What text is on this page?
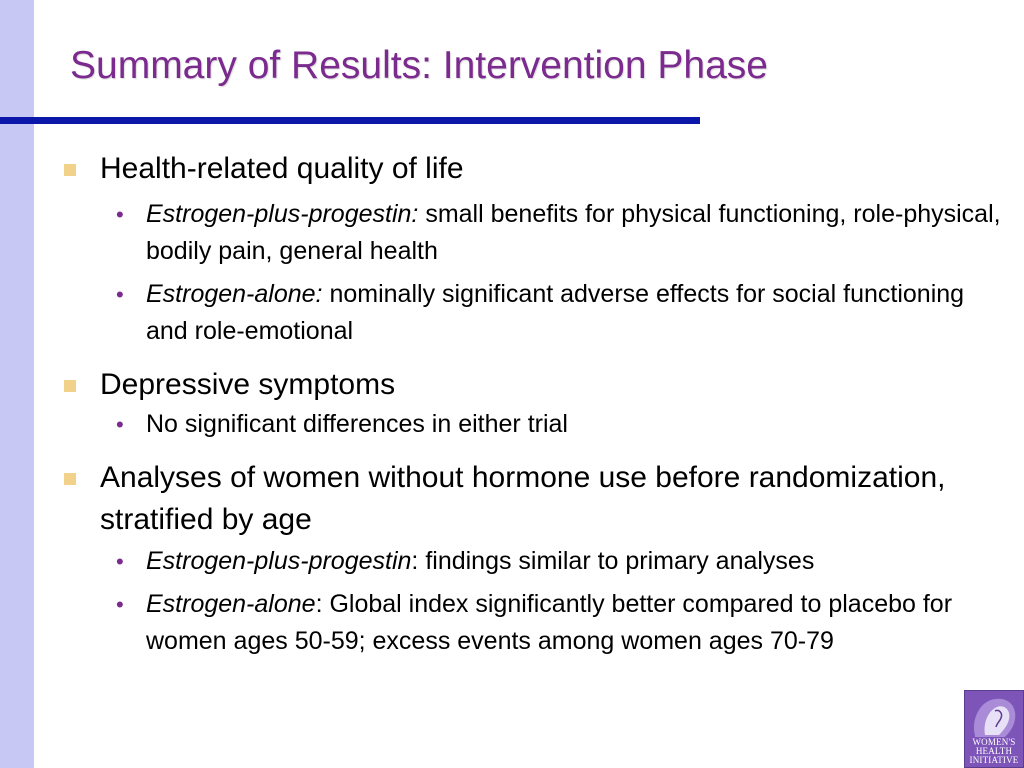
Summary of Results: Intervention Phase
Health-related quality of life
• Estrogen-plus-progestin: small benefits for physical functioning, role-physical, bodily pain, general health
• Estrogen-alone: nominally significant adverse effects for social functioning and role-emotional
Depressive symptoms
• No significant differences in either trial
Analyses of women without hormone use before randomization, stratified by age
• Estrogen-plus-progestin: findings similar to primary analyses
• Estrogen-alone: Global index significantly better compared to placebo for women ages 50-59; excess events among women ages 70-79
WOMEN'S
HEALTH
INITIATIVE
